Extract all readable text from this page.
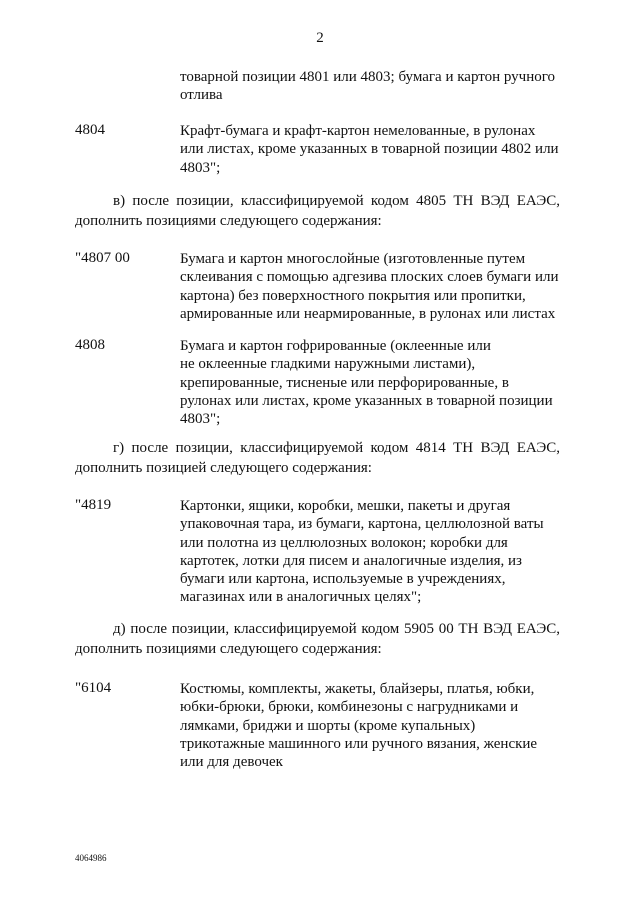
2
товарной позиции 4801 или 4803; бумага и картон ручного отлива
4804	Крафт-бумага и крафт-картон немелованные, в рулонах
или листах, кроме указанных в товарной позиции 4802 или
4803";
в) после позиции, классифицируемой кодом 4805 ТН ВЭД ЕАЭС,
дополнить позициями следующего содержания:
"4807 00	Бумага и картон многослойные (изготовленные путем
склеивания с помощью адгезива плоских слоев бумаги или
картона) без поверхностного покрытия или пропитки,
армированные или неармированные, в рулонах или листах
4808	Бумага и картон гофрированные (оклеенные или
не оклеенные гладкими наружными листами),
крепированные, тисненые или перфорированные, в
рулонах или листах, кроме указанных в товарной позиции
4803";
г) после позиции, классифицируемой кодом 4814 ТН ВЭД ЕАЭС,
дополнить позицией следующего содержания:
"4819	Картонки, ящики, коробки, мешки, пакеты и другая
упаковочная тара, из бумаги, картона, целлюлозной ваты
или полотна из целлюлозных волокон; коробки для
картотек, лотки для писем и аналогичные изделия, из
бумаги или картона, используемые в учреждениях,
магазинах или в аналогичных целях";
д) после позиции, классифицируемой кодом 5905 00 ТН ВЭД ЕАЭС,
дополнить позициями следующего содержания:
"6104	Костюмы, комплекты, жакеты, блайзеры, платья, юбки,
юбки-брюки, брюки, комбинезоны с нагрудниками и
лямками, бриджи и шорты (кроме купальных)
трикотажные машинного или ручного вязания, женские
или для девочек
4064986
